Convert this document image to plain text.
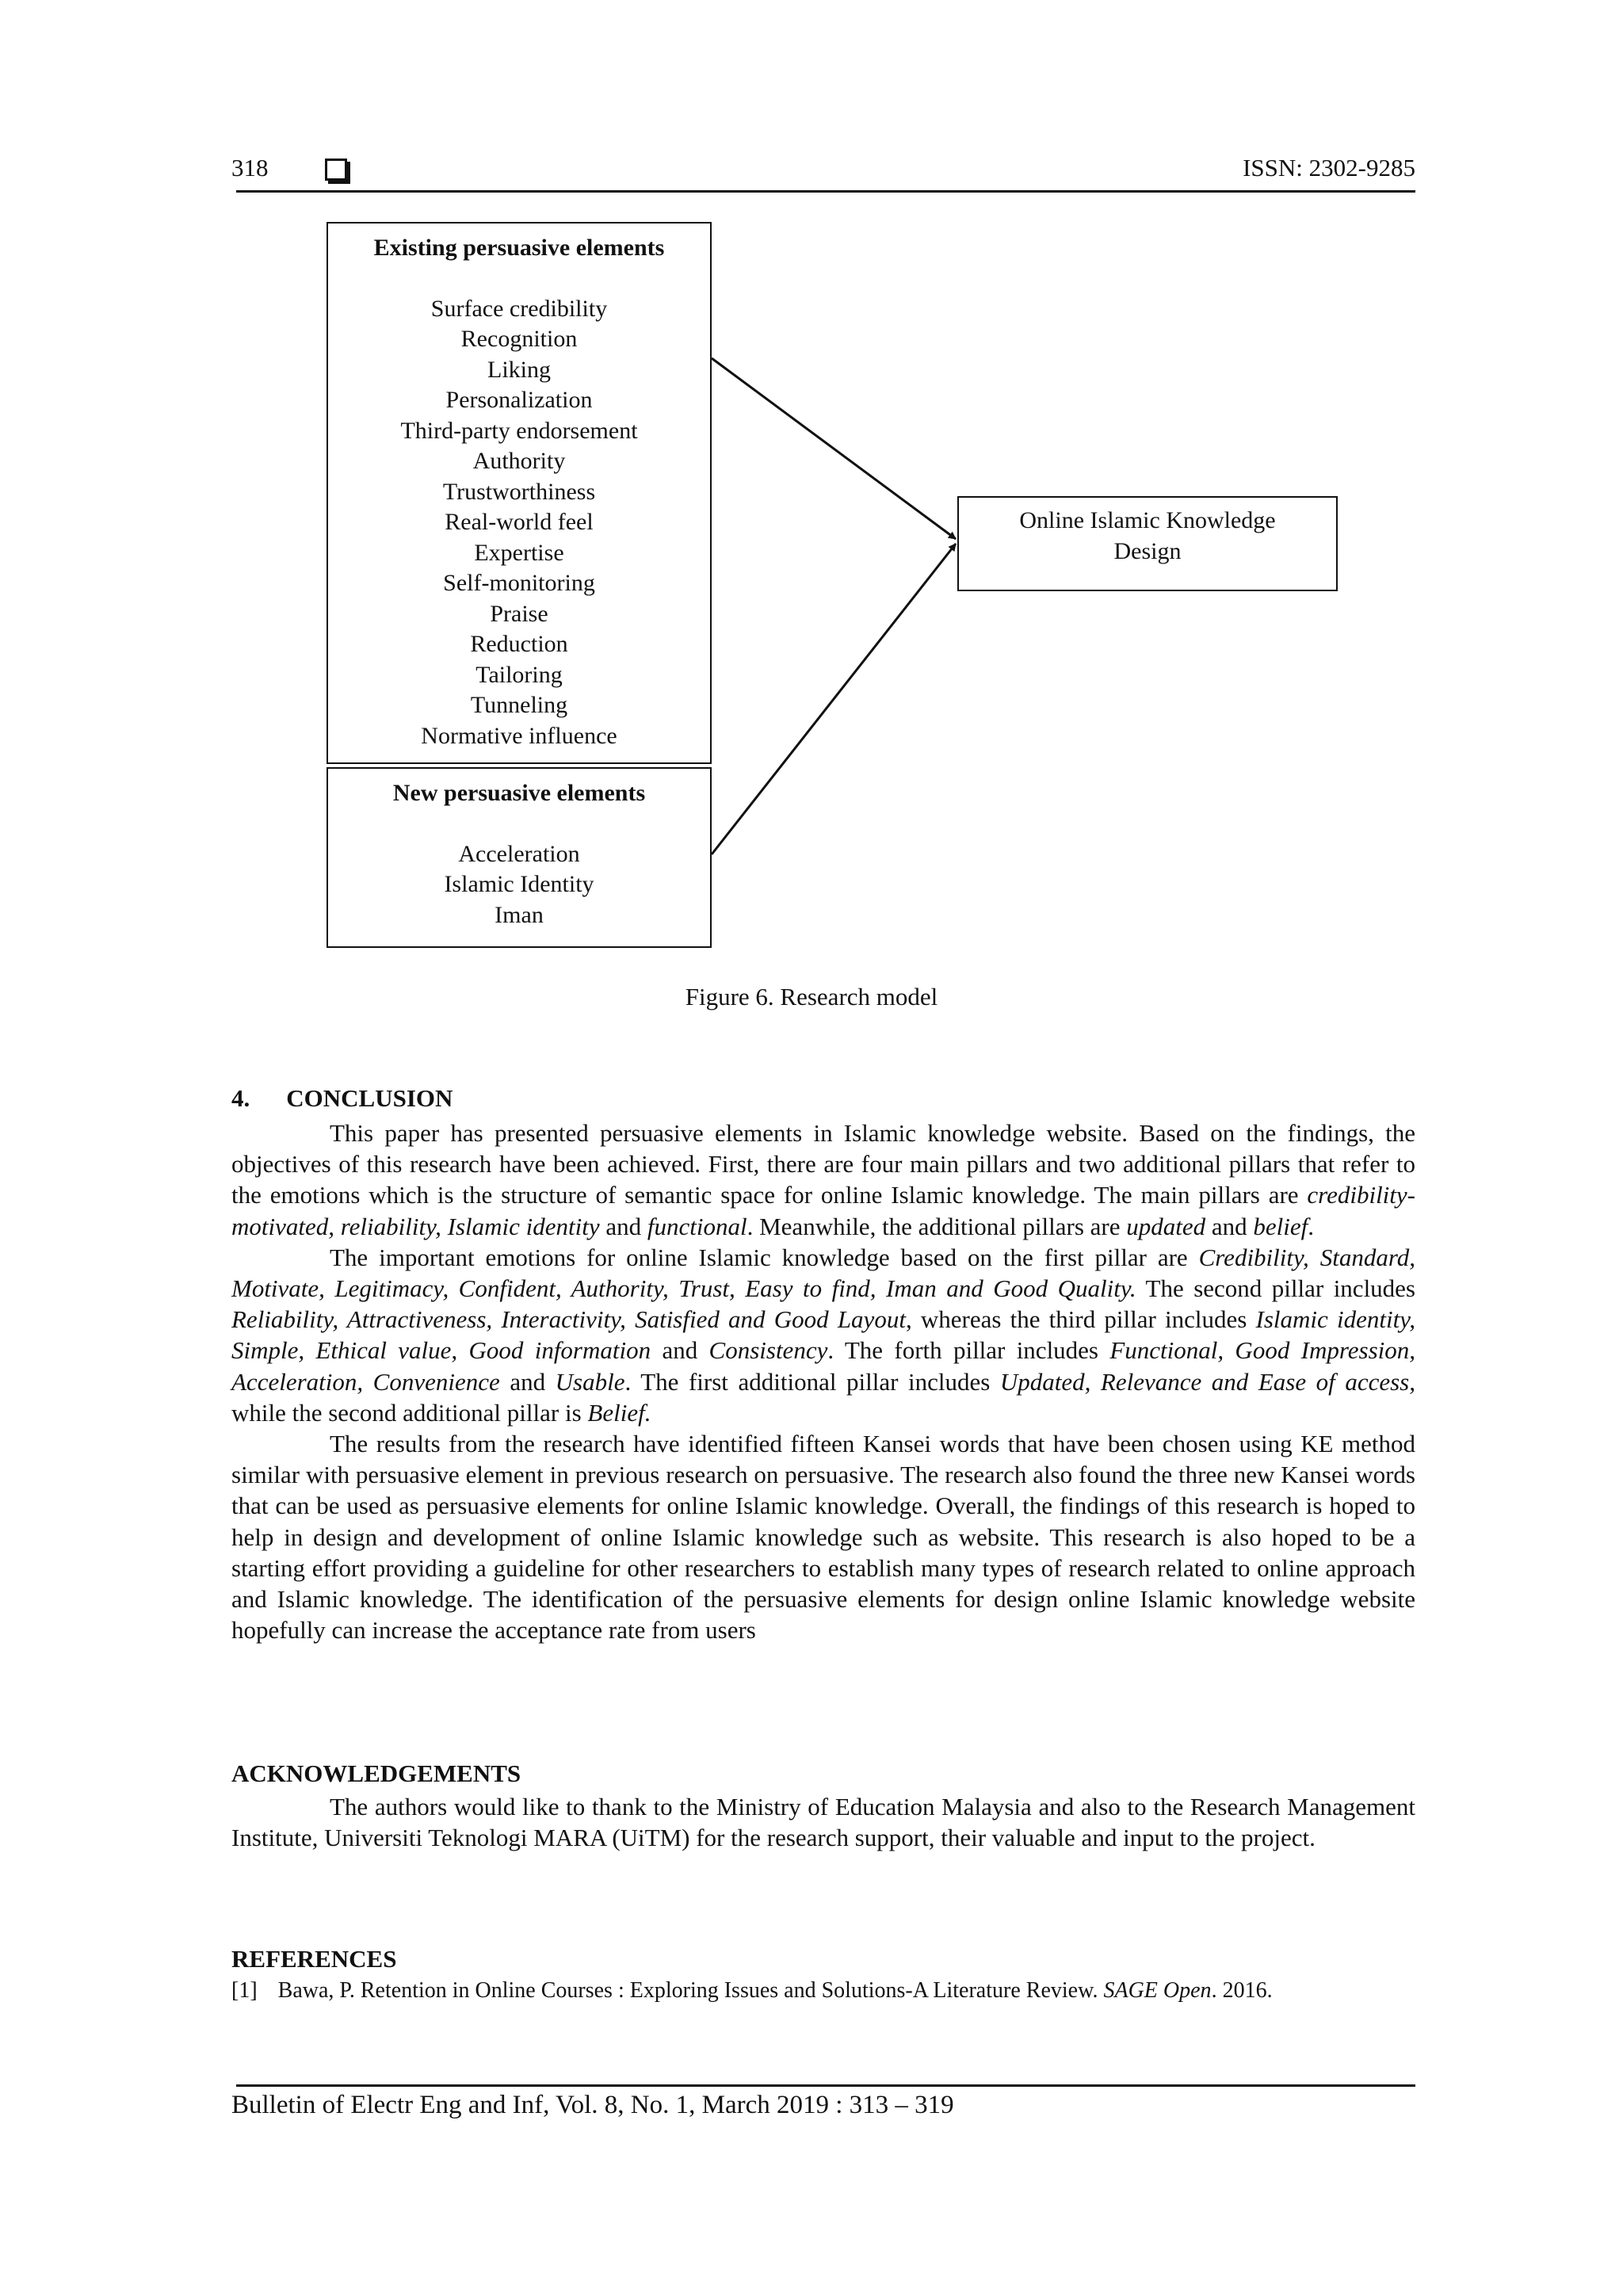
318	ISSN: 2302-9285
Existing persuasive elements
Surface credibility
Recognition
Liking
Personalization
Third-party endorsement
Authority
Trustworthiness
Real-world feel
Expertise
Self-monitoring
Praise
Reduction
Tailoring
Tunneling
Normative influence
New persuasive elements
Acceleration
Islamic Identity
Iman
Online Islamic Knowledge
Design
Figure 6. Research model
4. CONCLUSION

This paper has presented persuasive elements in Islamic knowledge website. Based on the findings, the objectives of this research have been achieved. First, there are four main pillars and two additional pillars that refer to the emotions which is the structure of semantic space for online Islamic knowledge. The main pillars are credibility-motivated, reliability, Islamic identity and functional. Meanwhile, the additional pillars are updated and belief.

The important emotions for online Islamic knowledge based on the first pillar are Credibility, Standard, Motivate, Legitimacy, Confident, Authority, Trust, Easy to find, Iman and Good Quality. The second pillar includes Reliability, Attractiveness, Interactivity, Satisfied and Good Layout, whereas the third pillar includes Islamic identity, Simple, Ethical value, Good information and Consistency. The forth pillar includes Functional, Good Impression, Acceleration, Convenience and Usable. The first additional pillar includes Updated, Relevance and Ease of access, while the second additional pillar is Belief.

The results from the research have identified fifteen Kansei words that have been chosen using KE method similar with persuasive element in previous research on persuasive. The research also found the three new Kansei words that can be used as persuasive elements for online Islamic knowledge. Overall, the findings of this research is hoped to help in design and development of online Islamic knowledge such as website. This research is also hoped to be a starting effort providing a guideline for other researchers to establish many types of research related to online approach and Islamic knowledge. The identification of the persuasive elements for design online Islamic knowledge website hopefully can increase the acceptance rate from users

ACKNOWLEDGEMENTS

The authors would like to thank to the Ministry of Education Malaysia and also to the Research Management Institute, Universiti Teknologi MARA (UiTM) for the research support, their valuable and input to the project.

REFERENCES
[1] Bawa, P. Retention in Online Courses : Exploring Issues and Solutions-A Literature Review. SAGE Open. 2016.
Bulletin of Electr Eng and Inf, Vol. 8, No. 1, March 2019 : 313 – 319
